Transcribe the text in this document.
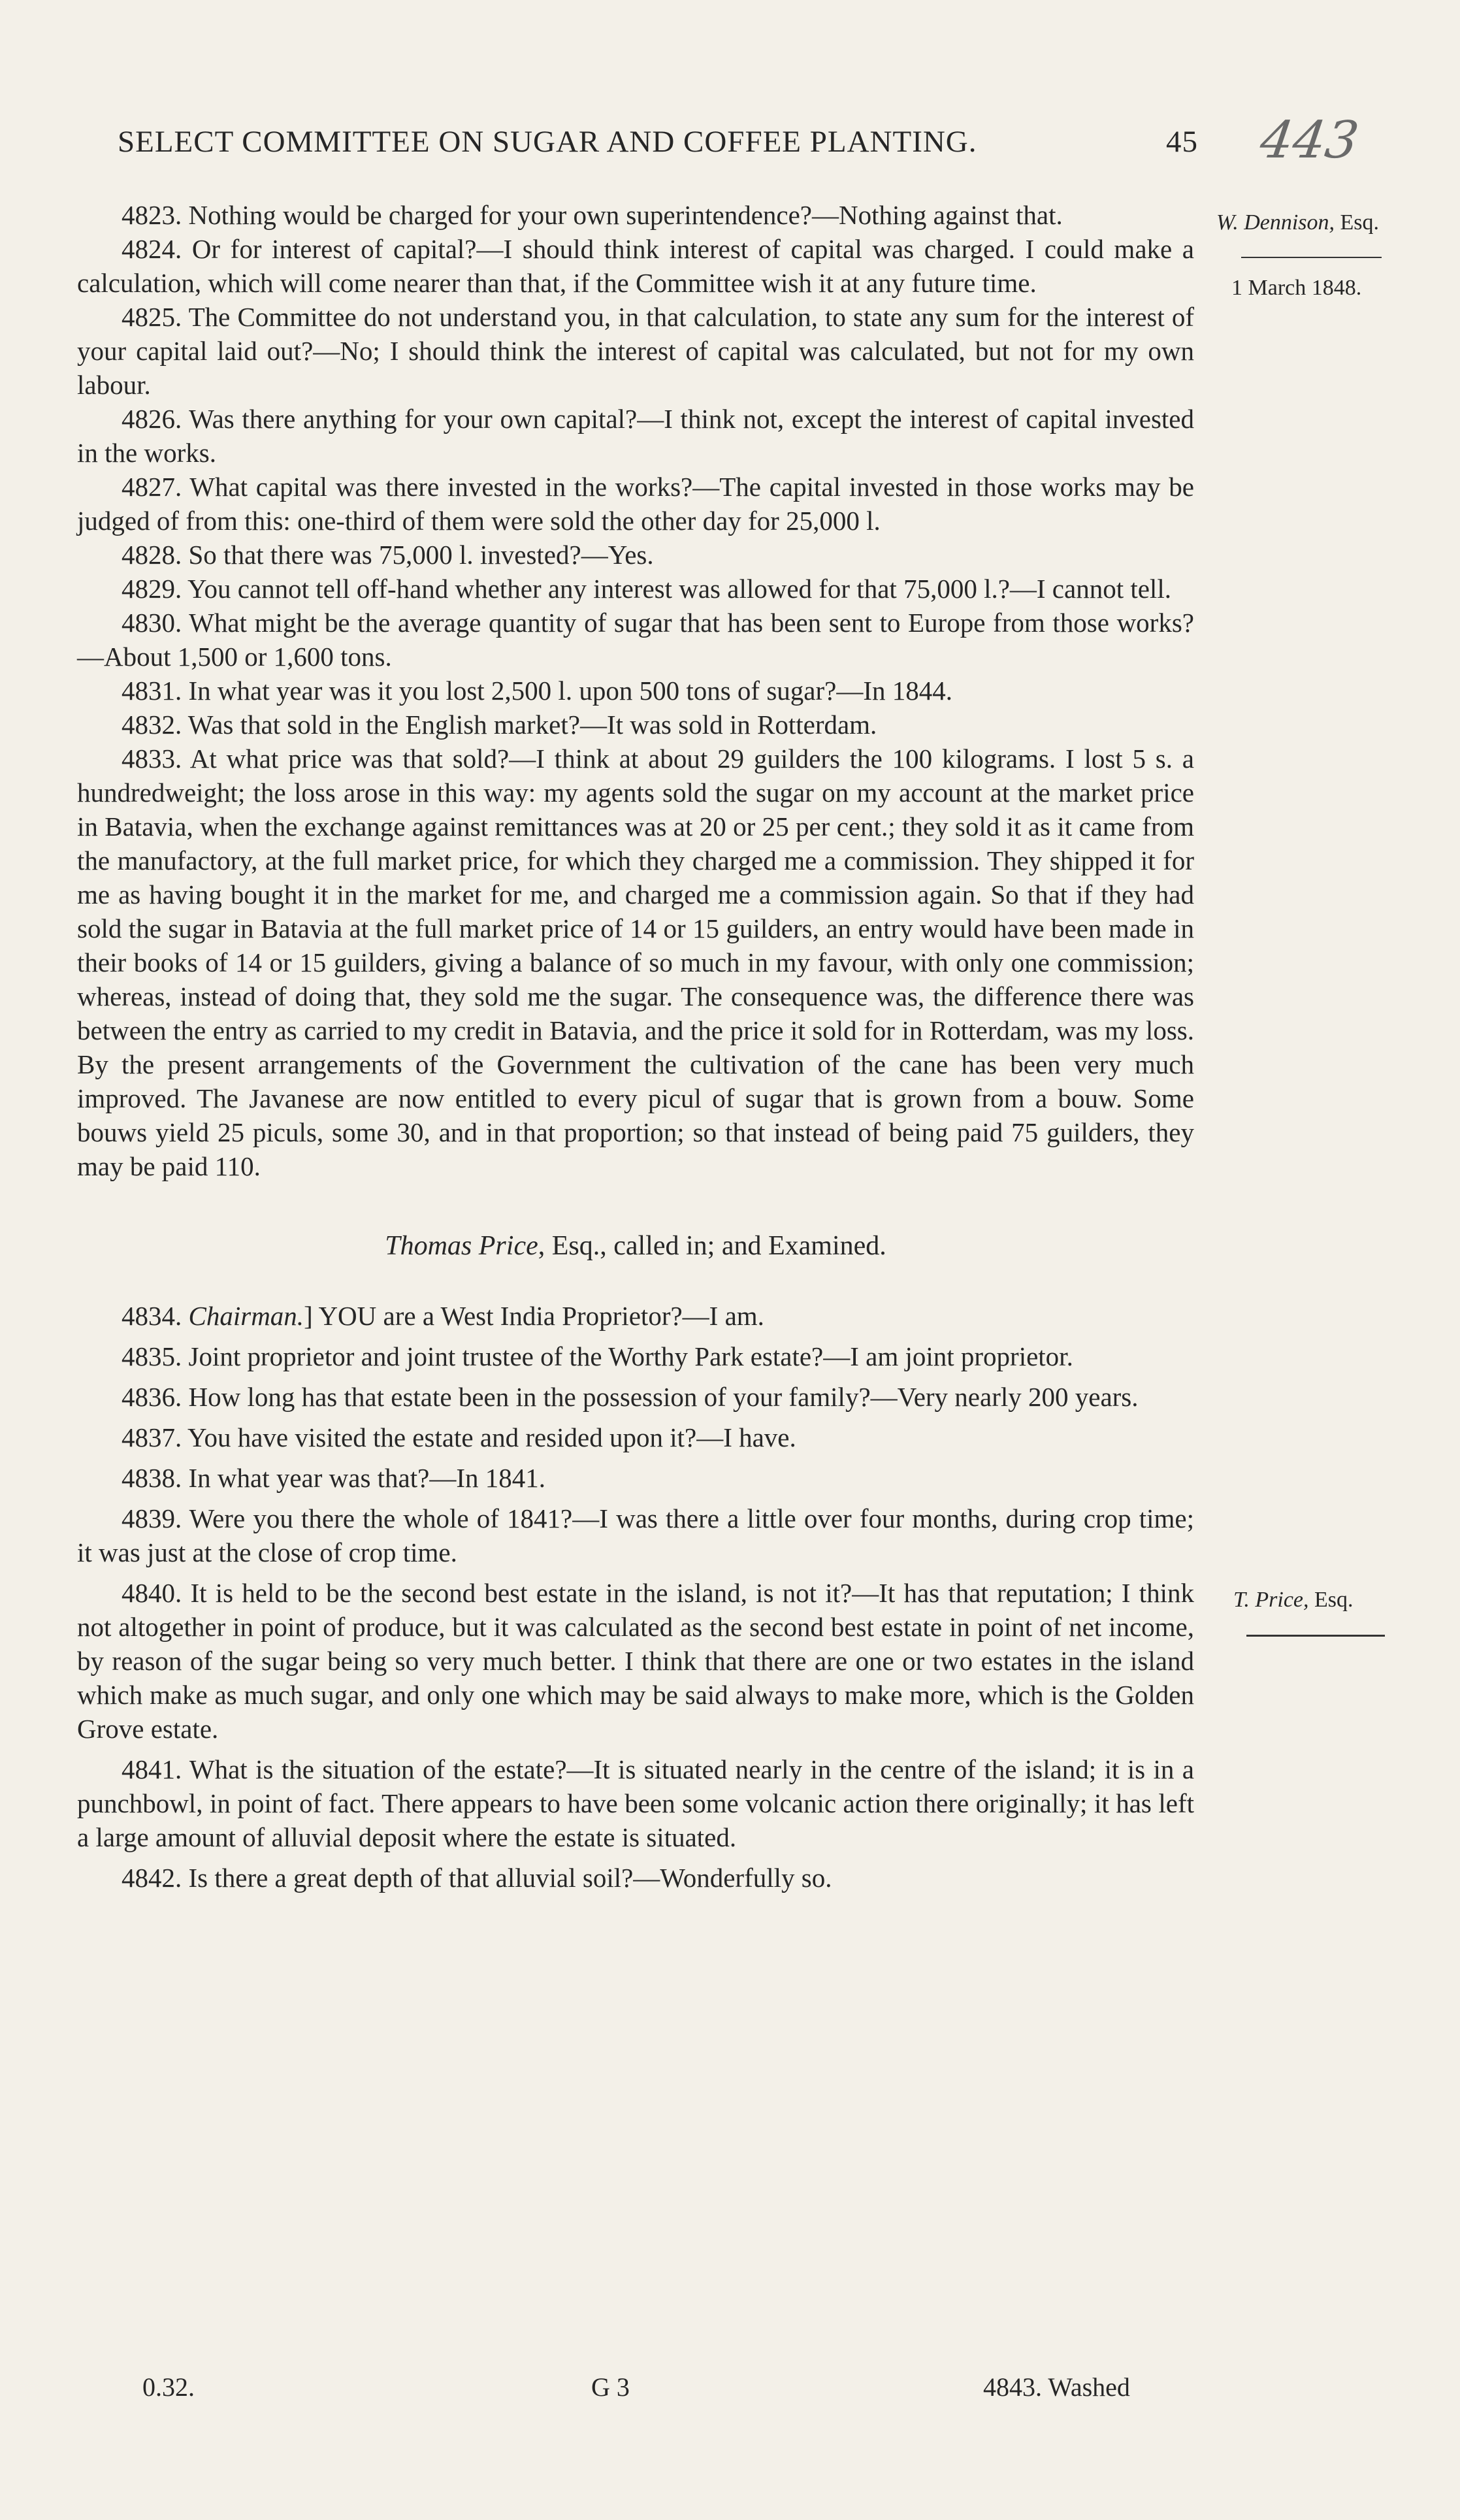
SELECT COMMITTEE ON SUGAR AND COFFEE PLANTING.	45 443
W. Dennison, Esq.
1 March 1848.
T. Price, Esq.

4823. Nothing would be charged for your own superintendence?—Nothing against that.

4824. Or for interest of capital?—I should think interest of capital was charged. I could make a calculation, which will come nearer than that, if the Committee wish it at any future time.

4825. The Committee do not understand you, in that calculation, to state any sum for the interest of your capital laid out?—No; I should think the interest of capital was calculated, but not for my own labour.

4826. Was there anything for your own capital?—I think not, except the interest of capital invested in the works.

4827. What capital was there invested in the works?—The capital invested in those works may be judged of from this: one-third of them were sold the other day for 25,000 l.

4828. So that there was 75,000 l. invested?—Yes.

4829. You cannot tell off-hand whether any interest was allowed for that 75,000 l.?—I cannot tell.

4830. What might be the average quantity of sugar that has been sent to Europe from those works?—About 1,500 or 1,600 tons.

4831. In what year was it you lost 2,500 l. upon 500 tons of sugar?—In 1844.

4832. Was that sold in the English market?—It was sold in Rotterdam.

4833. At what price was that sold?—I think at about 29 guilders the 100 kilograms. I lost 5 s. a hundredweight; the loss arose in this way: my agents sold the sugar on my account at the market price in Batavia, when the exchange against remittances was at 20 or 25 per cent.; they sold it as it came from the manufactory, at the full market price, for which they charged me a commission. They shipped it for me as having bought it in the market for me, and charged me a commission again. So that if they had sold the sugar in Batavia at the full market price of 14 or 15 guilders, an entry would have been made in their books of 14 or 15 guilders, giving a balance of so much in my favour, with only one commission; whereas, instead of doing that, they sold me the sugar. The consequence was, the difference there was between the entry as carried to my credit in Batavia, and the price it sold for in Rotterdam, was my loss. By the present arrangements of the Government the cultivation of the cane has been very much improved. The Javanese are now entitled to every picul of sugar that is grown from a bouw. Some bouws yield 25 piculs, some 30, and in that proportion; so that instead of being paid 75 guilders, they may be paid 110.

Thomas Price, Esq., called in; and Examined.

4834. Chairman.] YOU are a West India Proprietor?—I am.

4835. Joint proprietor and joint trustee of the Worthy Park estate?—I am joint proprietor.

4836. How long has that estate been in the possession of your family?—Very nearly 200 years.

4837. You have visited the estate and resided upon it?—I have.

4838. In what year was that?—In 1841.

4839. Were you there the whole of 1841?—I was there a little over four months, during crop time; it was just at the close of crop time.

4840. It is held to be the second best estate in the island, is not it?—It has that reputation; I think not altogether in point of produce, but it was calculated as the second best estate in point of net income, by reason of the sugar being so very much better. I think that there are one or two estates in the island which make as much sugar, and only one which may be said always to make more, which is the Golden Grove estate.

4841. What is the situation of the estate?—It is situated nearly in the centre of the island; it is in a punchbowl, in point of fact. There appears to have been some volcanic action there originally; it has left a large amount of alluvial deposit where the estate is situated.

4842. Is there a great depth of that alluvial soil?—Wonderfully so.

0.32.	G 3	4843. Washed
